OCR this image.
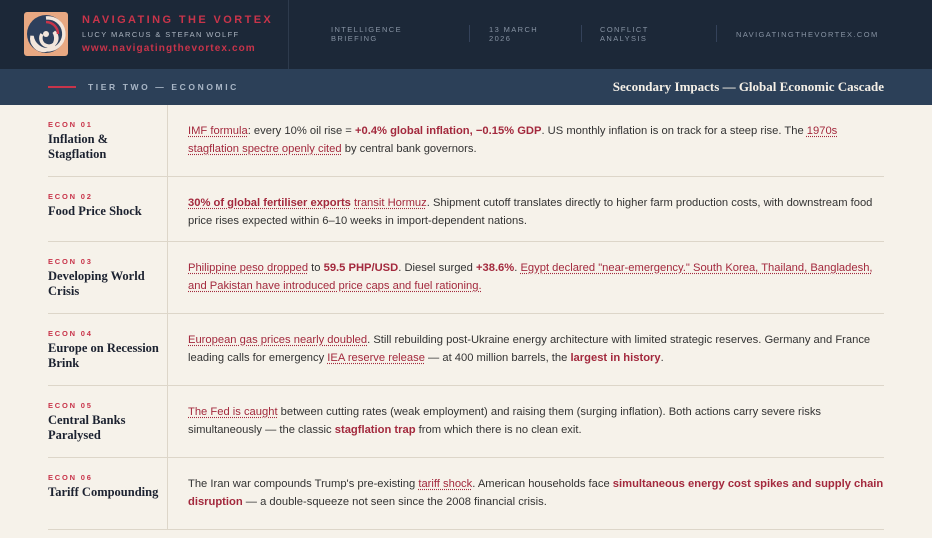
NAVIGATING THE VORTEX
LUCY MARCUS & STEFAN WOLFF
www.navigatingthevortex.com
INTELLIGENCE
BRIEFING
13 MARCH
2026
CONFLICT
ANALYSIS	NAVIGATINGTHEVORTEX.COM
TIER TWO — ECONOMIC	Secondary Impacts — Global Economic Cascade
ECON 01
Inflation & Stagflation
IMF formula: every 10% oil rise = +0.4% global inflation, −0.15% GDP. US monthly inflation is on track for a steep rise. The 1970s stagflation spectre openly cited by central bank governors.
ECON 02
Food Price Shock
30% of global fertiliser exports transit Hormuz. Shipment cutoff translates directly to higher farm production costs, with downstream food price rises expected within 6–10 weeks in import-dependent nations.
ECON 03
Developing World Crisis
Philippine peso dropped to 59.5 PHP/USD. Diesel surged +38.6%. Egypt declared "near-emergency." South Korea, Thailand, Bangladesh, and Pakistan have introduced price caps and fuel rationing.
ECON 04
Europe on Recession Brink
European gas prices nearly doubled. Still rebuilding post-Ukraine energy architecture with limited strategic reserves. Germany and France leading calls for emergency IEA reserve release — at 400 million barrels, the largest in history.
ECON 05
Central Banks Paralysed
The Fed is caught between cutting rates (weak employment) and raising them (surging inflation). Both actions carry severe risks simultaneously — the classic stagflation trap from which there is no clean exit.
ECON 06
Tariff Compounding
The Iran war compounds Trump's pre-existing tariff shock. American households face simultaneous energy cost spikes and supply chain disruption — a double-squeeze not seen since the 2008 financial crisis.
